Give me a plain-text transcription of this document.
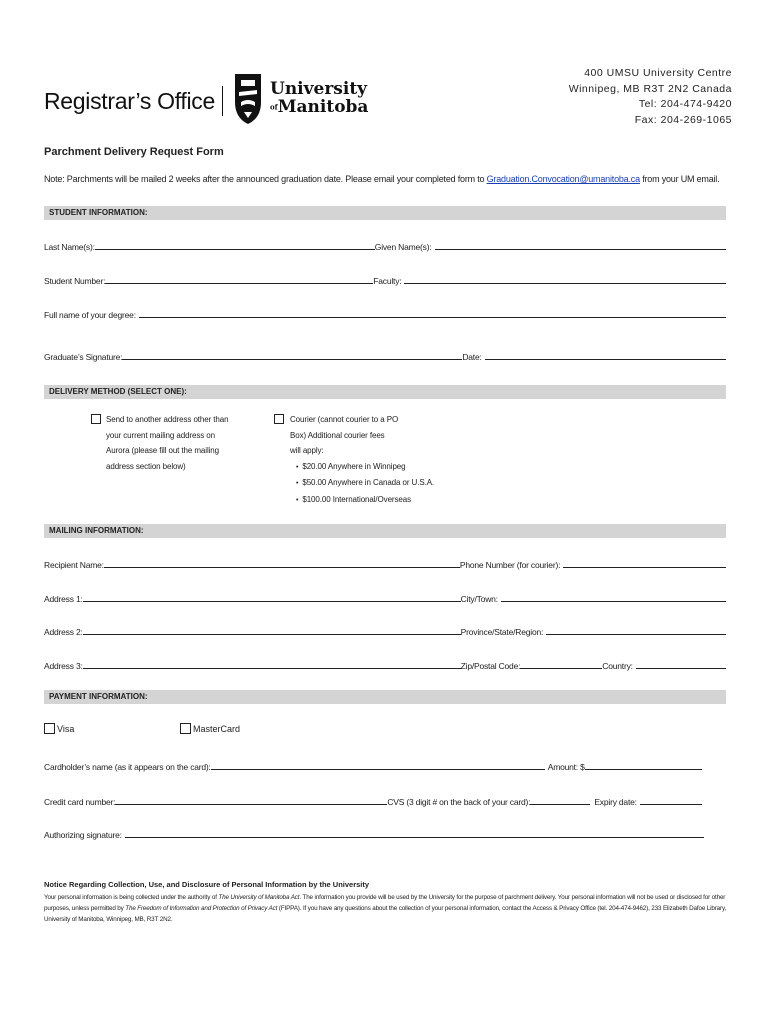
Registrar’s Office	University
ofManitoba
400 UMSU University Centre
Winnipeg, MB R3T 2N2 Canada
Tel: 204-474-9420
Fax: 204-269-1065
Parchment Delivery Request Form
Note: Parchments will be mailed 2 weeks after the announced graduation date. Please email your completed form to Graduation.Convocation@umanitoba.ca from your UM email.
STUDENT INFORMATION:
Last Name(s):	Given Name(s):
Student Number:	Faculty:
Full name of your degree:
Graduate’s Signature:	Date:
DELIVERY METHOD (SELECT ONE):
Send to another address other than
your current mailing address on
Aurora (please fill out the mailing
address section below)
Courier (cannot courier to a PO
Box) Additional courier fees
will apply:
• $20.00 Anywhere in Winnipeg
• $50.00 Anywhere in Canada or U.S.A.
• $100.00 International/Overseas
MAILING INFORMATION:
Recipient Name:	Phone Number (for courier):
Address 1:	City/Town:
Address 2:	Province/State/Region:
Address 3:	Zip/Postal Code:	Country:
PAYMENT INFORMATION:
Visa	MasterCard
Cardholder’s name (as it appears on the card):	Amount: $
Credit card number:	CVS (3 digit # on the back of your card):	Expiry date:
Authorizing signature:
Notice Regarding Collection, Use, and Disclosure of Personal Information by the University
Your personal information is being collected under the authority of The University of Manitoba Act. The information you provide will be used by the University for the purpose of parchment delivery. Your personal information will not be used or disclosed for other purposes, unless permitted by The Freedom of Information and Protection of Privacy Act (FIPPA). If you have any questions about the collection of your personal information, contact the Access & Privacy Office (tel. 204-474-9462), 233 Elizabeth Dafoe Library, University of Manitoba, Winnipeg, MB, R3T 2N2.
